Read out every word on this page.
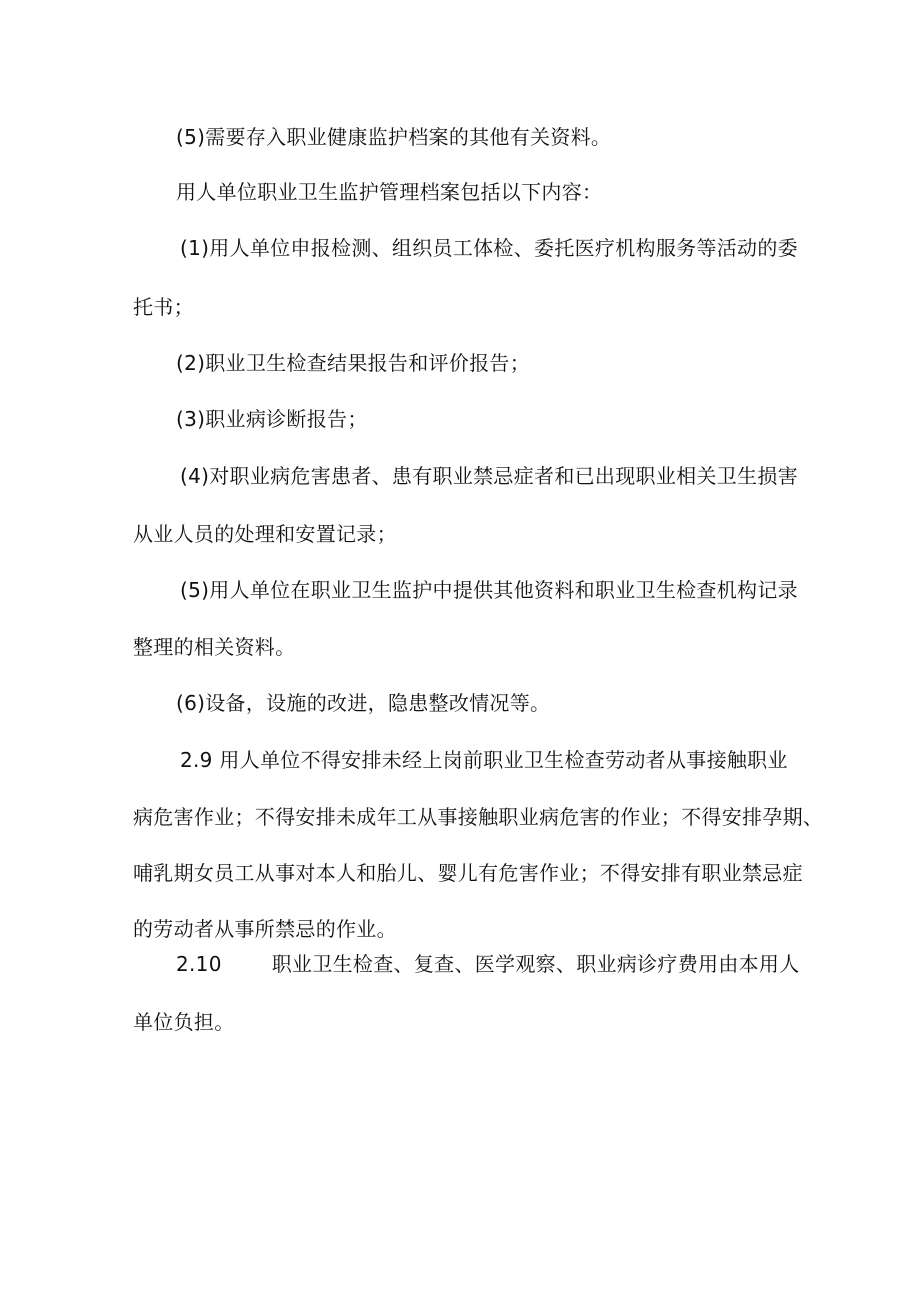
(5)需要存入职业健康监护档案的其他有关资料。
用人单位职业卫生监护管理档案包括以下内容：
(1)用人单位申报检测、组织员工体检、委托医疗机构服务等活动的委
托书；
(2)职业卫生检查结果报告和评价报告；
(3)职业病诊断报告；
(4)对职业病危害患者、患有职业禁忌症者和已出现职业相关卫生损害
从业人员的处理和安置记录；
(5)用人单位在职业卫生监护中提供其他资料和职业卫生检查机构记录
整理的相关资料。
(6)设备，设施的改进，隐患整改情况等。
2.9 用人单位不得安排未经上岗前职业卫生检查劳动者从事接触职业
病危害作业；不得安排未成年工从事接触职业病危害的作业；不得安排孕期、
哺乳期女员工从事对本人和胎儿、婴儿有危害作业；不得安排有职业禁忌症
的劳动者从事所禁忌的作业。
2.10	职业卫生检查、复查、医学观察、职业病诊疗费用由本用人
单位负担。
